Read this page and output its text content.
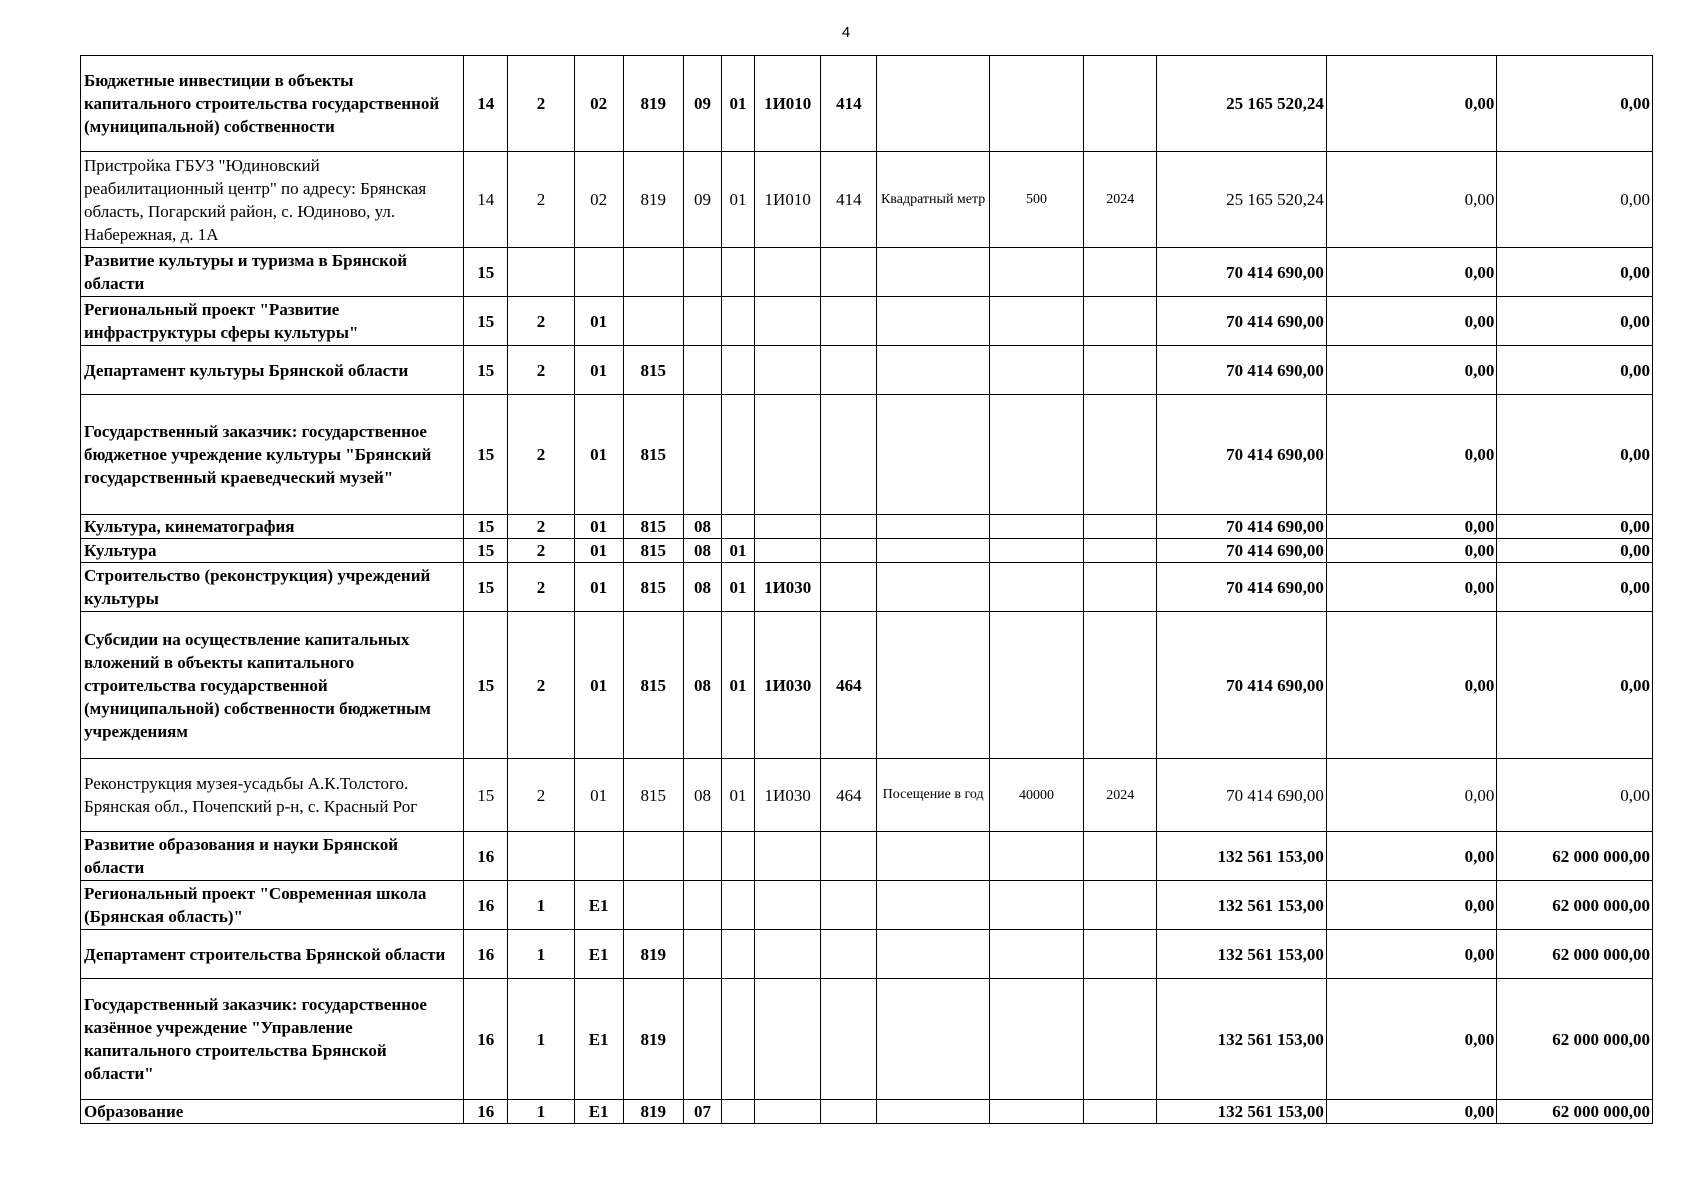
4
Бюджетные инвестиции в объекты капитального строительства государственной (муниципальной) собственности	14	2	02	819	09	01	1И010	414				25 165 520,24	0,00	0,00
Пристройка ГБУЗ "Юдиновский реабилитационный центр" по адресу: Брянская область, Погарский район, с. Юдиново, ул. Набережная, д. 1А	14	2	02	819	09	01	1И010	414	Квадратный метр	500	2024	25 165 520,24	0,00	0,00
Развитие культуры и туризма в Брянской области	15											70 414 690,00	0,00	0,00
Региональный проект "Развитие инфраструктуры сферы культуры"	15	2	01									70 414 690,00	0,00	0,00
Департамент культуры Брянской области	15	2	01	815								70 414 690,00	0,00	0,00
Государственный заказчик: государственное бюджетное учреждение культуры "Брянский государственный краеведческий музей"	15	2	01	815								70 414 690,00	0,00	0,00
Культура, кинематография	15	2	01	815	08							70 414 690,00	0,00	0,00
Культура	15	2	01	815	08	01						70 414 690,00	0,00	0,00
Строительство (реконструкция) учреждений культуры	15	2	01	815	08	01	1И030					70 414 690,00	0,00	0,00
Субсидии на осуществление капитальных вложений в объекты капитального строительства государственной (муниципальной) собственности бюджетным учреждениям	15	2	01	815	08	01	1И030	464				70 414 690,00	0,00	0,00
Реконструкция музея-усадьбы А.К.Толстого. Брянская обл., Почепский р-н, с. Красный Рог	15	2	01	815	08	01	1И030	464	Посещение в год	40000	2024	70 414 690,00	0,00	0,00
Развитие образования и науки Брянской области	16											132 561 153,00	0,00	62 000 000,00
Региональный проект "Современная школа (Брянская область)"	16	1	Е1									132 561 153,00	0,00	62 000 000,00
Департамент строительства Брянской области	16	1	Е1	819								132 561 153,00	0,00	62 000 000,00
Государственный заказчик: государственное казённое учреждение "Управление капитального строительства Брянской области"	16	1	Е1	819								132 561 153,00	0,00	62 000 000,00
Образование	16	1	Е1	819	07							132 561 153,00	0,00	62 000 000,00
